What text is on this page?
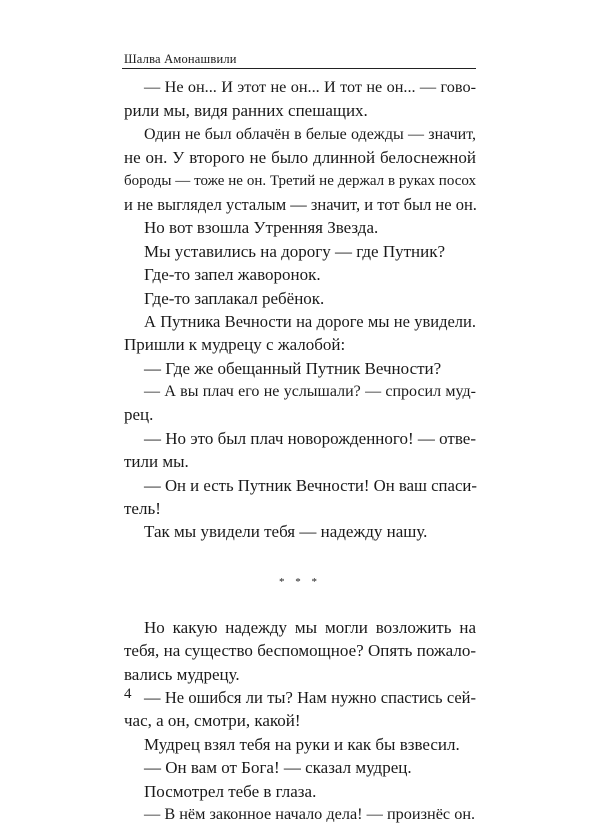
Шалва Амонашвили
— Не он... И этот не он... И тот не он... — гово-
рили мы, видя ранних спешащих.
Один не был облачён в белые одежды — значит,
не он. У второго не было длинной белоснежной
бороды — тоже не он. Третий не держал в руках посох
и не выглядел усталым — значит, и тот был не он.
Но вот взошла Утренняя Звезда.
Мы уставились на дорогу — где Путник?
Где-то запел жаворонок.
Где-то заплакал ребёнок.
А Путника Вечности на дороге мы не увидели.
Пришли к мудрецу с жалобой:
— Где же обещанный Путник Вечности?
— А вы плач его не услышали? — спросил муд-
рец.
— Но это был плач новорожденного! — отве-
тили мы.
— Он и есть Путник Вечности! Он ваш спаси-
тель!
Так мы увидели тебя — надежду нашу.
* * *
Но какую надежду мы могли возложить на
тебя, на существо беспомощное? Опять пожало-
вались мудрецу.
— Не ошибся ли ты? Нам нужно спастись сей-
час, а он, смотри, какой!
Мудрец взял тебя на руки и как бы взвесил.
— Он вам от Бога! — сказал мудрец.
Посмотрел тебе в глаза.
— В нём законное начало дела! — произнёс он.
4
